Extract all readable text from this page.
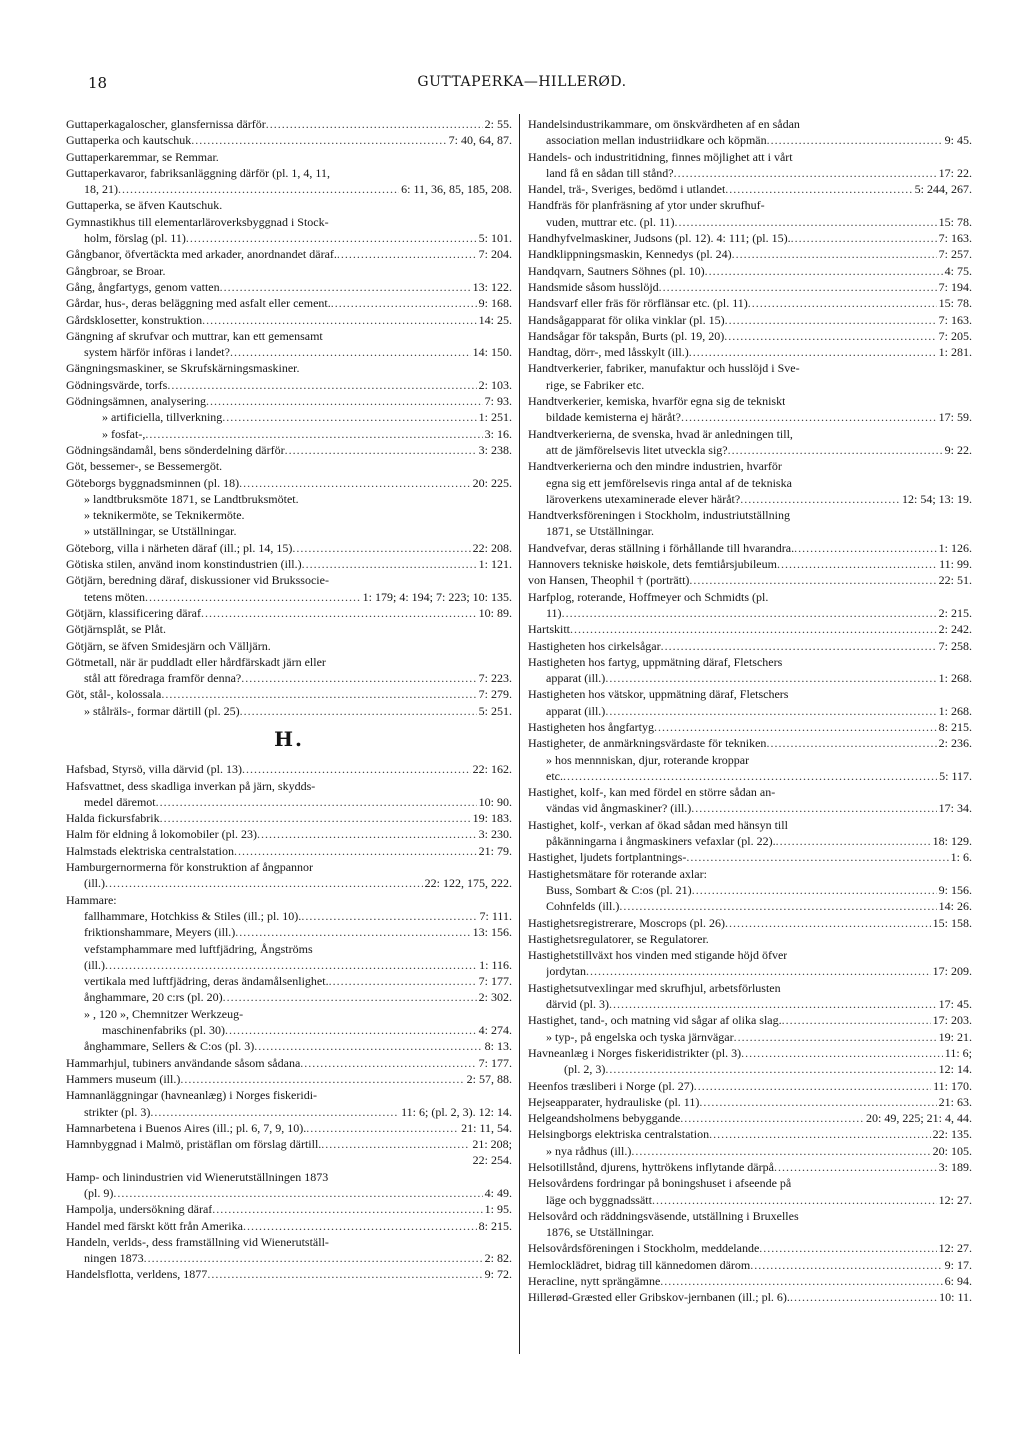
18	GUTTAPERKA—HILLERØD.
Guttaperkagaloscher, glansfernissa därför .....	2: 55.
Guttaperka och kautschuk .....	7: 40, 64, 87.
Guttaperkaremmar, se Remmar.
Guttaperkavaror, fabriksanläggning därför (pl. 1, 4, 11,
18, 21) .....	6: 11, 36, 85, 185, 208.
Guttaperka, se äfven Kautschuk.
Gymnastikhus till elementarläroverksbyggnad i Stock-
holm, förslag (pl. 11) .....	5: 101.
Gångbanor, öfvertäckta med arkader, anordnandet däraf. .....	7: 204.
Gångbroar, se Broar.
Gång, ångfartygs, genom vatten .....	13: 122.
Gårdar, hus-, deras beläggning med asfalt eller cement. .....	9: 168.
Gårdsklosetter, konstruktion .....	14: 25.
Gängning af skrufvar och muttrar, kan ett gemensamt
system härför införas i landet? .....	14: 150.
Gängningsmaskiner, se Skrufskärningsmaskiner.
Gödningsvärde, torfs .....	2: 103.
Gödningsämnen, analysering .....	7: 93.
» artificiella, tillverkning .....	1: 251.
» fosfat-, .....	3: 16.
Gödningsändamål, bens sönderdelning därför .....	3: 238.
Göt, bessemer-, se Bessemergöt.
Göteborgs byggnadsminnen (pl. 18) .....	20: 225.
» landtbruksmöte 1871, se Landtbruksmötet.
» teknikermöte, se Teknikermöte.
» utställningar, se Utställningar.
Göteborg, villa i närheten däraf (ill.; pl. 14, 15) .....	22: 208.
Götiska stilen, använd inom konstindustrien (ill.) .....	1: 121.
Götjärn, beredning däraf, diskussioner vid Brukssocie-
tetens möten .....	1: 179; 4: 194; 7: 223; 10: 135.
Götjärn, klassificering däraf .....	10: 89.
Götjärnsplåt, se Plåt.
Götjärn, se äfven Smidesjärn och Välljärn.
Götmetall, när är puddladt eller hårdfärskadt järn eller
stål att föredraga framför denna? .....	7: 223.
Göt, stål-, kolossala .....	7: 279.
» stålräls-, formar därtill (pl. 25) .....	5: 251.
H.
Hafsbad, Styrsö, villa därvid (pl. 13) .....	22: 162.
Hafsvattnet, dess skadliga inverkan på järn, skydds-
medel däremot .....	10: 90.
Halda fickursfabrik .....	19: 183.
Halm för eldning å lokomobiler (pl. 23) .....	3: 230.
Halmstads elektriska centralstation .....	21: 79.
Hamburgernormerna för konstruktion af ångpannor
(ill.) .....	22: 122, 175, 222.
Hammare:
fallhammare, Hotchkiss & Stiles (ill.; pl. 10). .....	7: 111.
friktionshammare, Meyers (ill.) .....	13: 156.
vefstamphammare med luftfjädring, Ångströms
(ill.) .....	1: 116.
vertikala med luftfjädring, deras ändamålsenlighet. .....	7: 177.
ånghammare, 20 c:rs (pl. 20) .....	2: 302.
» , 120 », Chemnitzer Werkzeug-
maschinenfabriks (pl. 30) .....	4: 274.
ånghammare, Sellers & C:os (pl. 3) .....	8: 13.
Hammarhjul, tubiners användande såsom sådana .....	7: 177.
Hammers museum (ill.) .....	2: 57, 88.
Hamnanläggningar (havneanlæg) i Norges fiskeridi-
strikter (pl. 3) .....	11: 6; (pl. 2, 3). 12: 14.
Hamnarbetena i Buenos Aires (ill.; pl. 6, 7, 9, 10). .....	21: 11, 54.
Hamnbyggnad i Malmö, pristäflan om förslag därtill. .....	21: 208;
22: 254.
Hamp- och linindustrien vid Wienerutställningen 1873
(pl. 9) .....	4: 49.
Hampolja, undersökning däraf .....	1: 95.
Handel med färskt kött från Amerika .....	8: 215.
Handeln, verlds-, dess framställning vid Wienerutställ-
ningen 1873 .....	2: 82.
Handelsflotta, verldens, 1877 .....	9: 72.
Handelsindustrikammare, om önskvärdheten af en sådan
association mellan industriidkare och köpmän .....	9: 45.
Handels- och industritidning, finnes möjlighet att i vårt
land få en sådan till stånd? .....	17: 22.
Handel, trä-, Sveriges, bedömd i utlandet .....	5: 244, 267.
Handfräs för planfräsning af ytor under skrufhuf-
vuden, muttrar etc. (pl. 11) .....	15: 78.
Handhyfvelmaskiner, Judsons (pl. 12). 4: 111; (pl. 15). .....	7: 163.
Handklippningsmaskin, Kennedys (pl. 24) .....	7: 257.
Handqvarn, Sautners Söhnes (pl. 10) .....	4: 75.
Handsmide såsom husslöjd .....	7: 194.
Handsvarf eller fräs för rörflänsar etc. (pl. 11) .....	15: 78.
Handsågapparat för olika vinklar (pl. 15) .....	7: 163.
Handsågar för takspån, Burts (pl. 19, 20) .....	7: 205.
Handtag, dörr-, med låsskylt (ill.) .....	1: 281.
Handtverkerier, fabriker, manufaktur och husslöjd i Sve-
rige, se Fabriker etc.
Handtverkerier, kemiska, hvarför egna sig de tekniskt
bildade kemisterna ej häråt? .....	17: 59.
Handtverkerierna, de svenska, hvad är anledningen till,
att de jämförelsevis litet utveckla sig? .....	9: 22.
Handtverkerierna och den mindre industrien, hvarför
egna sig ett jemförelsevis ringa antal af de tekniska
läroverkens utexaminerade elever häråt? .....	12: 54; 13: 19.
Handtverksföreningen i Stockholm, industriutställning
1871, se Utställningar.
Handvefvar, deras ställning i förhållande till hvarandra. .....	1: 126.
Hannovers tekniske høiskole, dets femtiårsjubileum .....	11: 99.
von Hansen, Theophil † (porträtt) .....	22: 51.
Harfplog, roterande, Hoffmeyer och Schmidts (pl.
11) .....	2: 215.
Hartskitt .....	2: 242.
Hastigheten hos cirkelsågar .....	7: 258.
Hastigheten hos fartyg, uppmätning däraf, Fletschers
apparat (ill.) .....	1: 268.
Hastigheten hos vätskor, uppmätning däraf, Fletschers
apparat (ill.) .....	1: 268.
Hastigheten hos ångfartyg .....	8: 215.
Hastigheter, de anmärkningsvärdaste för tekniken .....	2: 236.
» hos mennniskan, djur, roterande kroppar
etc. .....	5: 117.
Hastighet, kolf-, kan med fördel en större sådan an-
vändas vid ångmaskiner? (ill.) .....	17: 34.
Hastighet, kolf-, verkan af ökad sådan med hänsyn till
påkänningarna i ångmaskiners vefaxlar (pl. 22). .....	18: 129.
Hastighet, ljudets fortplantnings- .....	1: 6.
Hastighetsmätare för roterande axlar:
Buss, Sombart & C:os (pl. 21) .....	9: 156.
Cohnfelds (ill.) .....	14: 26.
Hastighetsregistrerare, Moscrops (pl. 26) .....	15: 158.
Hastighetsregulatorer, se Regulatorer.
Hastighetstillväxt hos vinden med stigande höjd öfver
jordytan .....	17: 209.
Hastighetsutvexlingar med skrufhjul, arbetsförlusten
därvid (pl. 3) .....	17: 45.
Hastighet, tand-, och matning vid sågar af olika slag. .....	17: 203.
» typ-, på engelska och tyska järnvägar .....	19: 21.
Havneanlæg i Norges fiskeridistrikter (pl. 3) .....	11: 6;
(pl. 2, 3) .....	12: 14.
Heenfos træsliberi i Norge (pl. 27) .....	11: 170.
Hejseapparater, hydrauliske (pl. 11) .....	21: 63.
Helgeandsholmens bebyggande .....	20: 49, 225; 21: 4, 44.
Helsingborgs elektriska centralstation .....	22: 135.
» nya rådhus (ill.) .....	20: 105.
Helsotillstånd, djurens, hyttrökens inflytande därpå .....	3: 189.
Helsovårdens fordringar på boningshuset i afseende på
läge och byggnadssätt .....	12: 27.
Helsovård och räddningsväsende, utställning i Bruxelles
1876, se Utställningar.
Helsovårdsföreningen i Stockholm, meddelande .....	12: 27.
Hemlocklädret, bidrag till kännedomen därom .....	9: 17.
Heracline, nytt sprängämne .....	6: 94.
Hillerød-Græsted eller Gribskov-jernbanen (ill.; pl. 6). .....	10: 11.
